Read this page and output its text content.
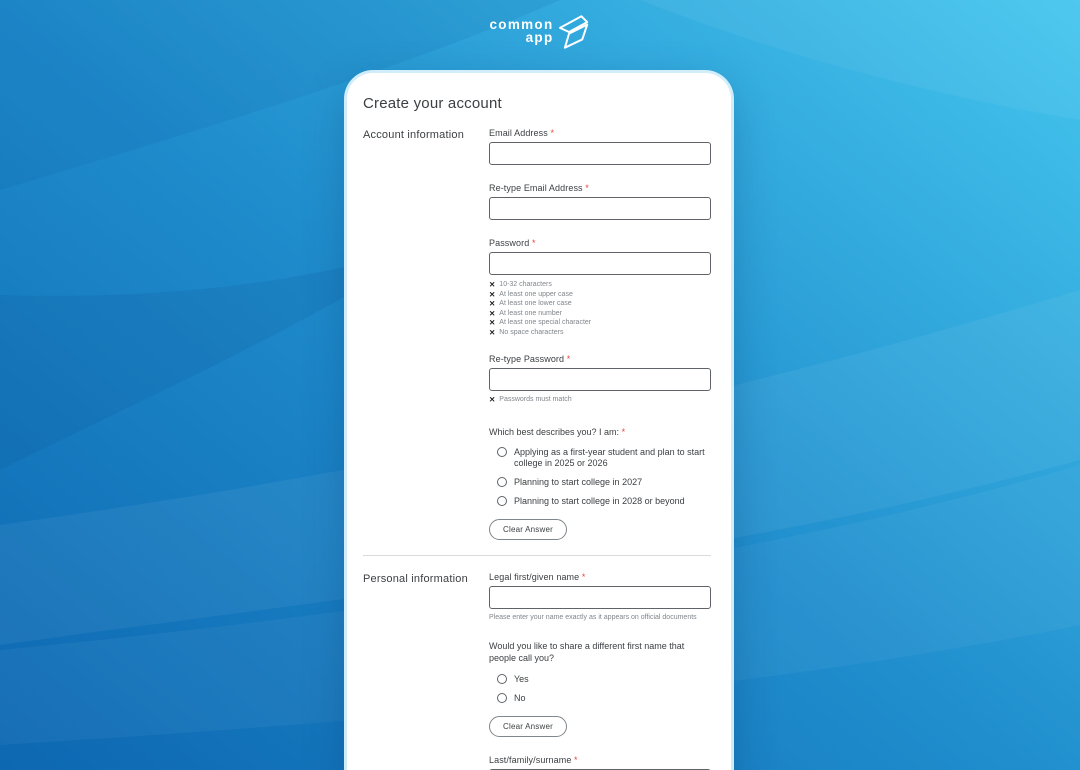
common
app
Create your account
Account information	Email Address *
Re-type Email Address *
Password *
✕ 10-32 characters
✕ At least one upper case
✕ At least one lower case
✕ At least one number
✕ At least one special character
✕ No space characters
Re-type Password *
✕ Passwords must match
Which best describes you? I am: *
Applying as a first-year student and plan to start college in 2025 or 2026
Planning to start college in 2027
Planning to start college in 2028 or beyond
Clear Answer
Personal information	Legal first/given name *
Please enter your name exactly as it appears on official documents
Would you like to share a different first name that people call you?
Yes
No
Clear Answer
Last/family/surname *
